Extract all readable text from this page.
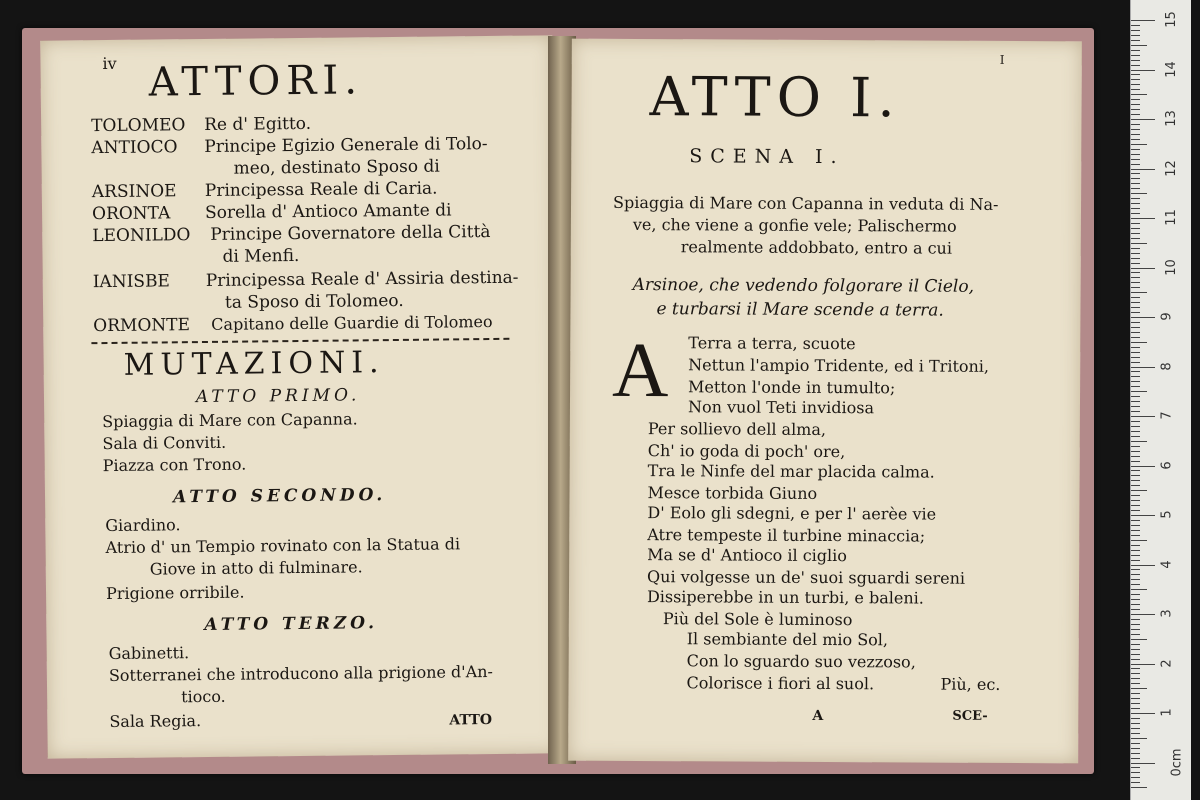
iv ATTORI.
TOLOMEO Re d' Egitto.
ANTIOCO Principe Egizio Generale di Tolo-
meo, destinato Sposo di
ARSINOE Principessa Reale di Caria.
ORONTA Sorella d' Antioco Amante di
LEONILDO Principe Governatore della Città
di Menfi.
IANISBE Principessa Reale d' Assiria destina-
ta Sposo di Tolomeo.
ORMONTE Capitano delle Guardie di Tolomeo
MUTAZIONI.
ATTO PRIMO.
Spiaggia di Mare con Capanna.
Sala di Conviti.
Piazza con Trono.
ATTO SECONDO.
Giardino.
Atrio d' un Tempio rovinato con la Statua di
Giove in atto di fulminare.
Prigione orribile.
ATTO TERZO.
Gabinetti.
Sotterranei che introducono alla prigione d'An-
tioco.
Sala Regia.	ATTO
I
ATTO I.
SCENA I.
Spiaggia di Mare con Capanna in veduta di Na-
ve, che viene a gonfie vele; Palischermo
realmente addobbato, entro a cui
Arsinoe, che vedendo folgorare il Cielo,
e turbarsi il Mare scende a terra.
A Terra a terra, scuote
Nettun l'ampio Tridente, ed i Tritoni,
Metton l'onde in tumulto;
Non vuol Teti invidiosa
Per sollievo dell alma,
Ch' io goda di poch' ore,
Tra le Ninfe del mar placida calma.
Mesce torbida Giuno
D' Eolo gli sdegni, e per l' aerèe vie
Atre tempeste il turbine minaccia;
Ma se d' Antioco il ciglio
Qui volgesse un de' suoi sguardi sereni
Dissiperebbe in un turbi, e baleni.
Più del Sole è luminoso
Il sembiante del mio Sol,
Con lo sguardo suo vezzoso,
Colorisce i fiori al suol.	Più, ec.
A	SCE-
15
14
13
12
11
10
9
8
7
6
5
4
3
2
1
0cm
